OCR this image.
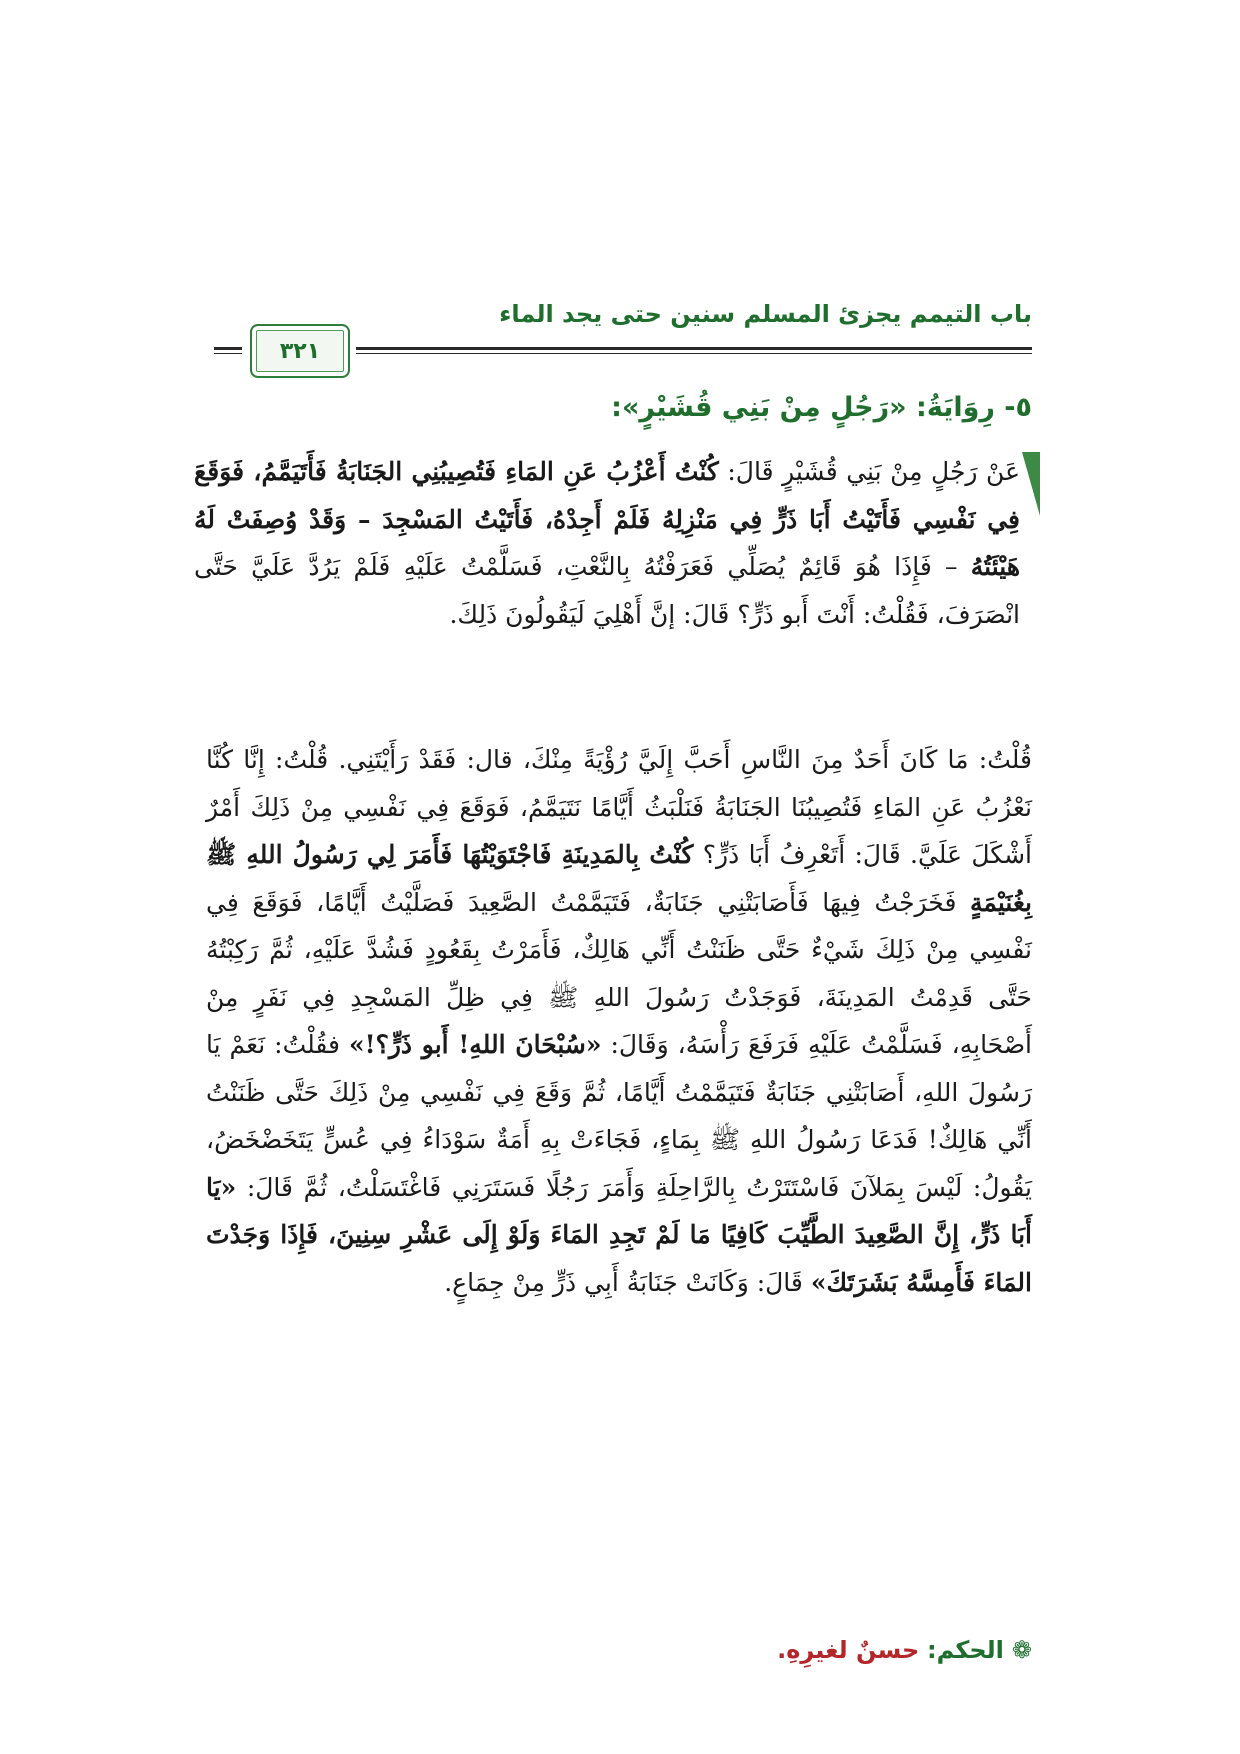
باب التيمم يجزئ المسلم سنين حتى يجد الماء
٣٢١
٥- رِوَايَةُ: «رَجُلٍ مِنْ بَنِي قُشَيْرٍ»:
عَنْ رَجُلٍ مِنْ بَنِي قُشَيْرٍ قَالَ: كُنْتُ أَعْزُبُ عَنِ المَاءِ فَتُصِيبُنِي الجَنَابَةُ فَأَتَيَمَّمُ، فَوَقَعَ فِي نَفْسِي فَأَتَيْتُ أَبَا ذَرٍّ فِي مَنْزِلِهُ فَلَمْ أَجِدْهُ، فَأَتَيْتُ المَسْجِدَ – وَقَدْ وُصِفَتْ لَهُ هَيْئَتُهُ – فَإِذَا هُوَ قَائِمٌ يُصَلِّي فَعَرَفْتُهُ بِالنَّعْتِ، فَسَلَّمْتُ عَلَيْهِ فَلَمْ يَرُدَّ عَلَيَّ حَتَّى انْصَرَفَ، فَقُلْتُ: أَنْتَ أَبو ذَرٍّ؟ قَالَ: إنَّ أَهْلِيَ لَيَقُولُونَ ذَلِكَ.
قُلْتُ: مَا كَانَ أَحَدٌ مِنَ النَّاسِ أَحَبَّ إِلَيَّ رُؤْيَةً مِنْكَ، قال: فَقَدْ رَأَيْتَنِي. قُلْتُ: إِنَّا كُنَّا نَعْزُبُ عَنِ المَاءِ فَتُصِيبُنَا الجَنَابَةُ فَنَلْبَثُ أَيَّامًا نَتَيَمَّمُ، فَوَقَعَ فِي نَفْسِي مِنْ ذَلِكَ أَمْرٌ أَشْكَلَ عَلَيَّ. قَالَ: أَتَعْرِفُ أَبَا ذَرٍّ؟ كُنْتُ بِالمَدِينَةِ فَاجْتَوَيْتُهَا فَأَمَرَ لِي رَسُولُ اللهِ ﷺ بِغُنَيْمَةٍ فَخَرَجْتُ فِيهَا فَأَصَابَتْنِي جَنَابَةٌ، فَتَيَمَّمْتُ الصَّعِيدَ فَصَلَّيْتُ أَيَّامًا، فَوَقَعَ فِي نَفْسِي مِنْ ذَلِكَ شَيْءٌ حَتَّى ظَنَنْتُ أَنِّي هَالِكٌ، فَأَمَرْتُ بِقَعُودٍ فَشُدَّ عَلَيْهِ، ثُمَّ رَكِبْتُهُ حَتَّى قَدِمْتُ المَدِينَةَ، فَوَجَدْتُ رَسُولَ اللهِ ﷺ فِي ظِلِّ المَسْجِدِ فِي نَفَرٍ مِنْ أَصْحَابِهِ، فَسَلَّمْتُ عَلَيْهِ فَرَفَعَ رَأْسَهُ، وَقَالَ: «سُبْحَانَ اللهِ! أَبو ذَرٍّ؟!» فقُلْتُ: نَعَمْ يَا رَسُولَ اللهِ، أَصَابَتْنِي جَنَابَةٌ فَتَيَمَّمْتُ أَيَّامًا، ثُمَّ وَقَعَ فِي نَفْسِي مِنْ ذَلِكَ حَتَّى ظَنَنْتُ أَنِّي هَالِكٌ! فَدَعَا رَسُولُ اللهِ ﷺ بِمَاءٍ، فَجَاءَتْ بِهِ أَمَةٌ سَوْدَاءُ فِي عُسٍّ يَتَخَضْخَضُ، يَقُولُ: لَيْسَ بِمَلآنَ فَاسْتَتَرْتُ بِالرَّاحِلَةِ وَأَمَرَ رَجُلًا فَسَتَرَنِي فَاغْتَسَلْتُ، ثُمَّ قَالَ: «يَا أَبَا ذَرٍّ، إِنَّ الصَّعِيدَ الطَّيِّبَ كَافِيًا مَا لَمْ تَجِدِ المَاءَ وَلَوْ إِلَى عَشْرِ سِنِينَ، فَإِذَا وَجَدْتَ المَاءَ فَأَمِسَّهُ بَشَرَتَكَ» قَالَ: وَكَانَتْ جَنَابَةُ أَبِي ذَرٍّ مِنْ جِمَاعٍ.
❁الحكم: حسنٌ لغيرِهِ.
